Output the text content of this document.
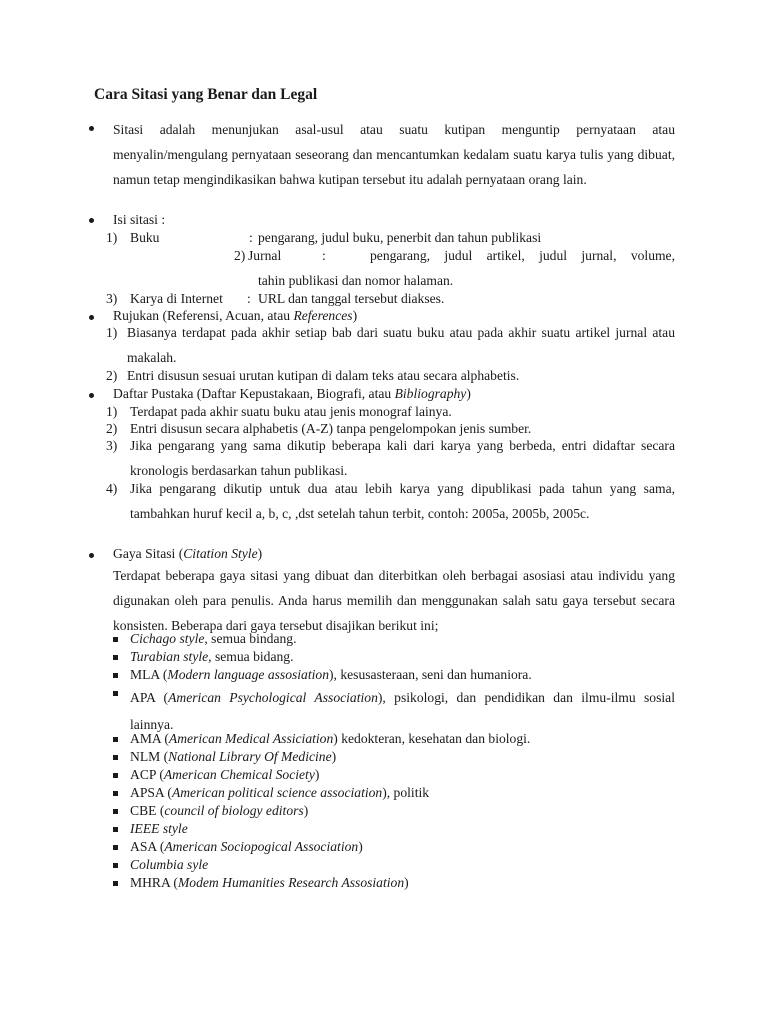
Cara Sitasi yang Benar dan Legal
Sitasi adalah menunjukan asal-usul atau suatu kutipan menguntip pernyataan atau menyalin/mengulang pernyataan seseorang dan mencantumkan kedalam suatu karya tulis yang dibuat, namun tetap mengindikasikan bahwa kutipan tersebut itu adalah pernyataan orang lain.
Isi sitasi :
1) Buku	: pengarang, judul buku, penerbit dan tahun publikasi
2) Jurnal	:	pengarang, judul artikel, judul jurnal, volume,
tahin publikasi dan nomor halaman.
3) Karya di Internet : URL dan tanggal tersebut diakses.
Rujukan (Referensi, Acuan, atau References)
1) Biasanya terdapat pada akhir setiap bab dari suatu buku atau pada akhir suatu artikel jurnal atau makalah.
2) Entri disusun sesuai urutan kutipan di dalam teks atau secara alphabetis.
Daftar Pustaka (Daftar Kepustakaan, Biografi, atau Bibliography)
1) Terdapat pada akhir suatu buku atau jenis monograf lainya.
2) Entri disusun secara alphabetis (A-Z) tanpa pengelompokan jenis sumber.
3) Jika pengarang yang sama dikutip beberapa kali dari karya yang berbeda, entri didaftar secara kronologis berdasarkan tahun publikasi.
4) Jika pengarang dikutip untuk dua atau lebih karya yang dipublikasi pada tahun yang sama, tambahkan huruf kecil a, b, c, ,dst setelah tahun terbit, contoh: 2005a, 2005b, 2005c.
Gaya Sitasi (Citation Style)
Terdapat beberapa gaya sitasi yang dibuat dan diterbitkan oleh berbagai asosiasi atau individu yang digunakan oleh para penulis. Anda harus memilih dan menggunakan salah satu gaya tersebut secara konsisten. Beberapa dari gaya tersebut disajikan berikut ini;
Cichago style, semua bindang.
Turabian style, semua bidang.
MLA (Modern language assosiation), kesusasteraan, seni dan humaniora.
APA (American Psychological Association), psikologi, dan pendidikan dan ilmu-ilmu sosial lainnya.
AMA (American Medical Assiciation) kedokteran, kesehatan dan biologi.
NLM (National Library Of Medicine)
ACP (American Chemical Society)
APSA (American political science association), politik
CBE (council of biology editors)
IEEE style
ASA (American Sociopogical Association)
Columbia syle
MHRA (Modem Humanities Research Assosiation)
